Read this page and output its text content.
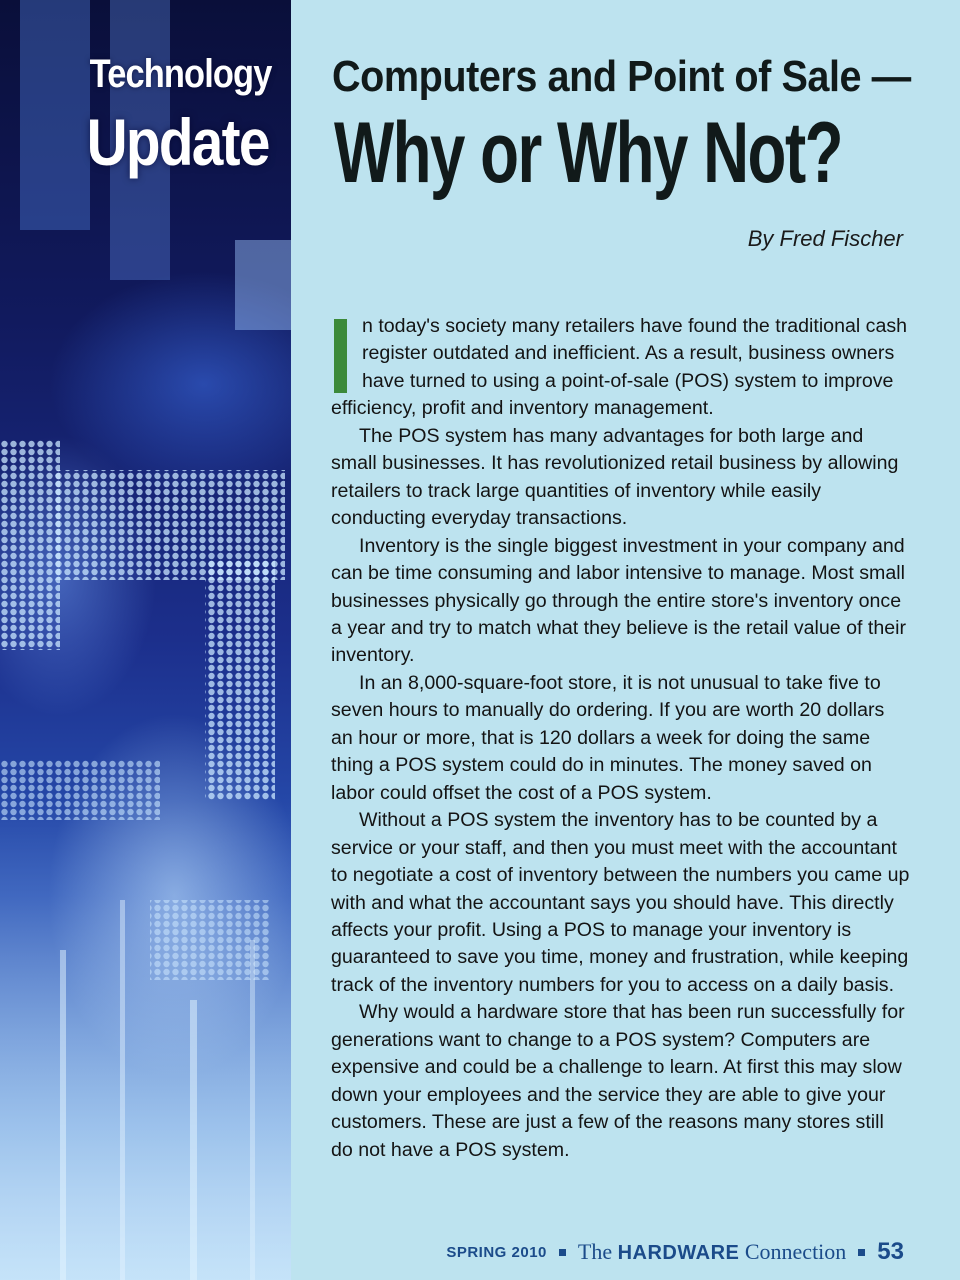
Technology
Update
Computers and Point of Sale —
Why or Why Not?
By Fred Fischer

n today's society many retailers have found the traditional cash register outdated and inefficient. As a result, business owners have turned to using a point-of-sale (POS) system to improve efficiency, profit and inventory management.

The POS system has many advantages for both large and small businesses. It has revolutionized retail business by allowing retailers to track large quantities of inventory while easily conducting everyday transactions.

Inventory is the single biggest investment in your company and can be time consuming and labor intensive to manage. Most small businesses physically go through the entire store's inventory once a year and try to match what they believe is the retail value of their inventory.

In an 8,000-square-foot store, it is not unusual to take five to seven hours to manually do ordering. If you are worth 20 dollars an hour or more, that is 120 dollars a week for doing the same thing a POS system could do in minutes. The money saved on labor could offset the cost of a POS system.

Without a POS system the inventory has to be counted by a service or your staff, and then you must meet with the accountant to negotiate a cost of inventory between the numbers you came up with and what the accountant says you should have. This directly affects your profit. Using a POS to manage your inventory is guaranteed to save you time, money and frustration, while keeping track of the inventory numbers for you to access on a daily basis.

Why would a hardware store that has been run successfully for generations want to change to a POS system? Computers are expensive and could be a challenge to learn. At first this may slow down your employees and the service they are able to give your customers. These are just a few of the reasons many stores still do not have a POS system.

SPRING 2010 The HARDWARE Connection 53
